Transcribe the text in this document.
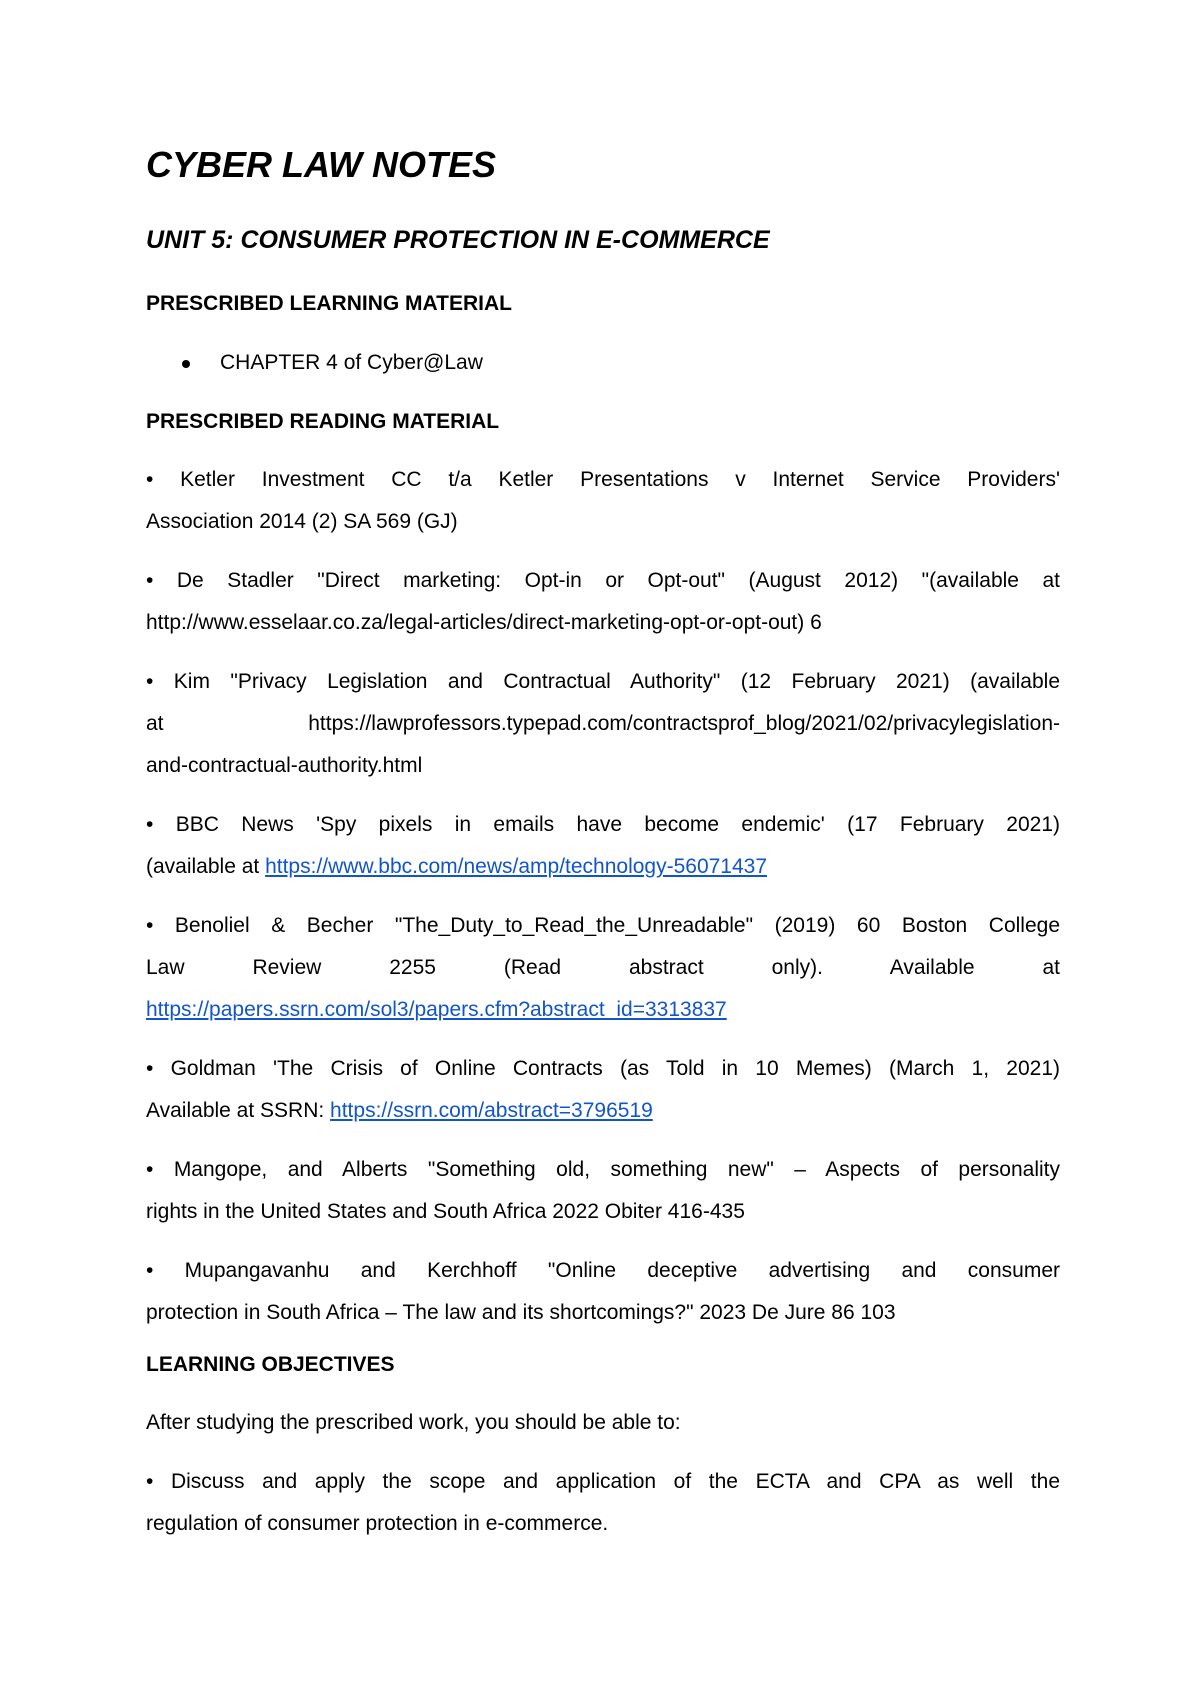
CYBER LAW NOTES
UNIT 5: CONSUMER PROTECTION IN E-COMMERCE
PRESCRIBED LEARNING MATERIAL
CHAPTER 4 of Cyber@Law
PRESCRIBED READING MATERIAL

• Ketler Investment CC t/a Ketler Presentations v Internet Service Providers'
Association 2014 (2) SA 569 (GJ)

• De Stadler "Direct marketing: Opt-in or Opt-out" (August 2012) "(available at
http://www.esselaar.co.za/legal-articles/direct-marketing-opt-or-opt-out) 6

• Kim "Privacy Legislation and Contractual Authority" (12 February 2021) (available
at https://lawprofessors.typepad.com/contractsprof_blog/2021/02/privacylegislation-
and-contractual-authority.html

• BBC News 'Spy pixels in emails have become endemic' (17 February 2021)
(available at https://www.bbc.com/news/amp/technology-56071437

• Benoliel & Becher "The_Duty_to_Read_the_Unreadable" (2019) 60 Boston College
Law Review 2255 (Read abstract only). Available at
https://papers.ssrn.com/sol3/papers.cfm?abstract_id=3313837

• Goldman 'The Crisis of Online Contracts (as Told in 10 Memes) (March 1, 2021)
Available at SSRN: https://ssrn.com/abstract=3796519

• Mangope, and Alberts "Something old, something new" – Aspects of personality
rights in the United States and South Africa 2022 Obiter 416-435

• Mupangavanhu and Kerchhoff "Online deceptive advertising and consumer
protection in South Africa – The law and its shortcomings?" 2023 De Jure 86 103

LEARNING OBJECTIVES

After studying the prescribed work, you should be able to:

• Discuss and apply the scope and application of the ECTA and CPA as well the
regulation of consumer protection in e-commerce.
